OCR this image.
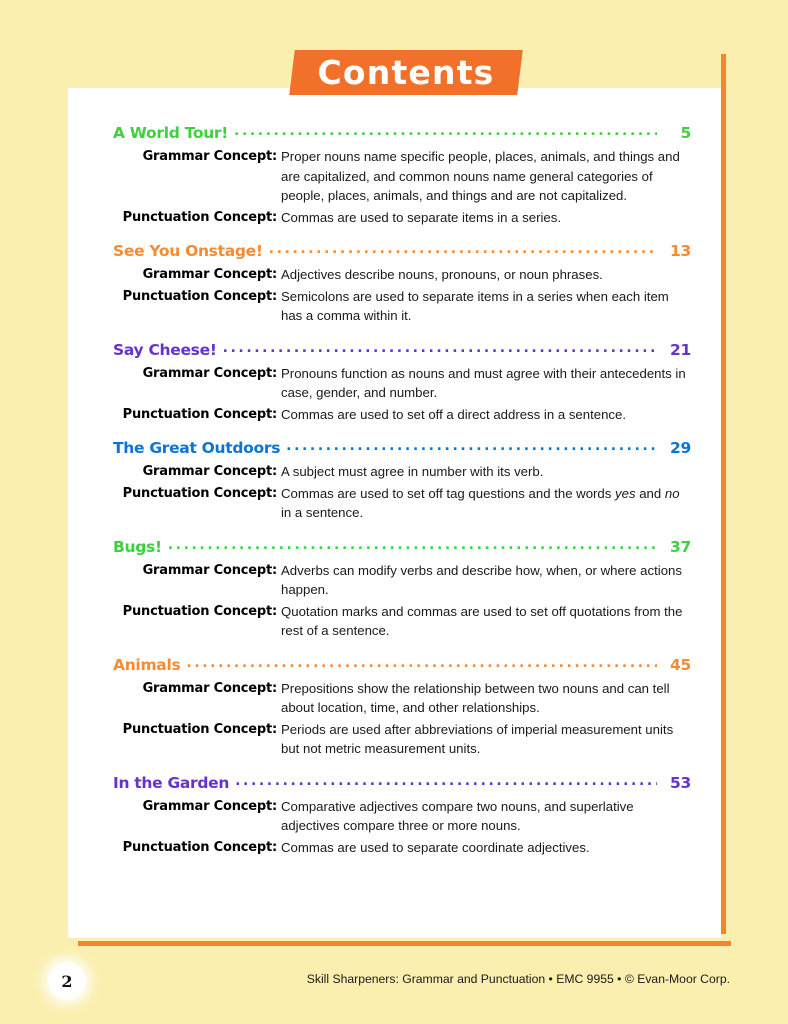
Contents
A World Tour! .....	5
Grammar Concept: Proper nouns name specific people, places, animals, and things and are capitalized, and common nouns name general categories of people, places, animals, and things and are not capitalized.
Punctuation Concept: Commas are used to separate items in a series.
See You Onstage! .....	13
Grammar Concept: Adjectives describe nouns, pronouns, or noun phrases.
Punctuation Concept: Semicolons are used to separate items in a series when each item has a comma within it.
Say Cheese! .....	21
Grammar Concept: Pronouns function as nouns and must agree with their antecedents in case, gender, and number.
Punctuation Concept: Commas are used to set off a direct address in a sentence.
The Great Outdoors .....	29
Grammar Concept: A subject must agree in number with its verb.
Punctuation Concept: Commas are used to set off tag questions and the words yes and no in a sentence.
Bugs! .....	37
Grammar Concept: Adverbs can modify verbs and describe how, when, or where actions happen.
Punctuation Concept: Quotation marks and commas are used to set off quotations from the rest of a sentence.
Animals .....	45
Grammar Concept: Prepositions show the relationship between two nouns and can tell about location, time, and other relationships.
Punctuation Concept: Periods are used after abbreviations of imperial measurement units but not metric measurement units.
In the Garden .....	53
Grammar Concept: Comparative adjectives compare two nouns, and superlative adjectives compare three or more nouns.
Punctuation Concept: Commas are used to separate coordinate adjectives.
2	Skill Sharpeners: Grammar and Punctuation • EMC 9955 • © Evan-Moor Corp.
